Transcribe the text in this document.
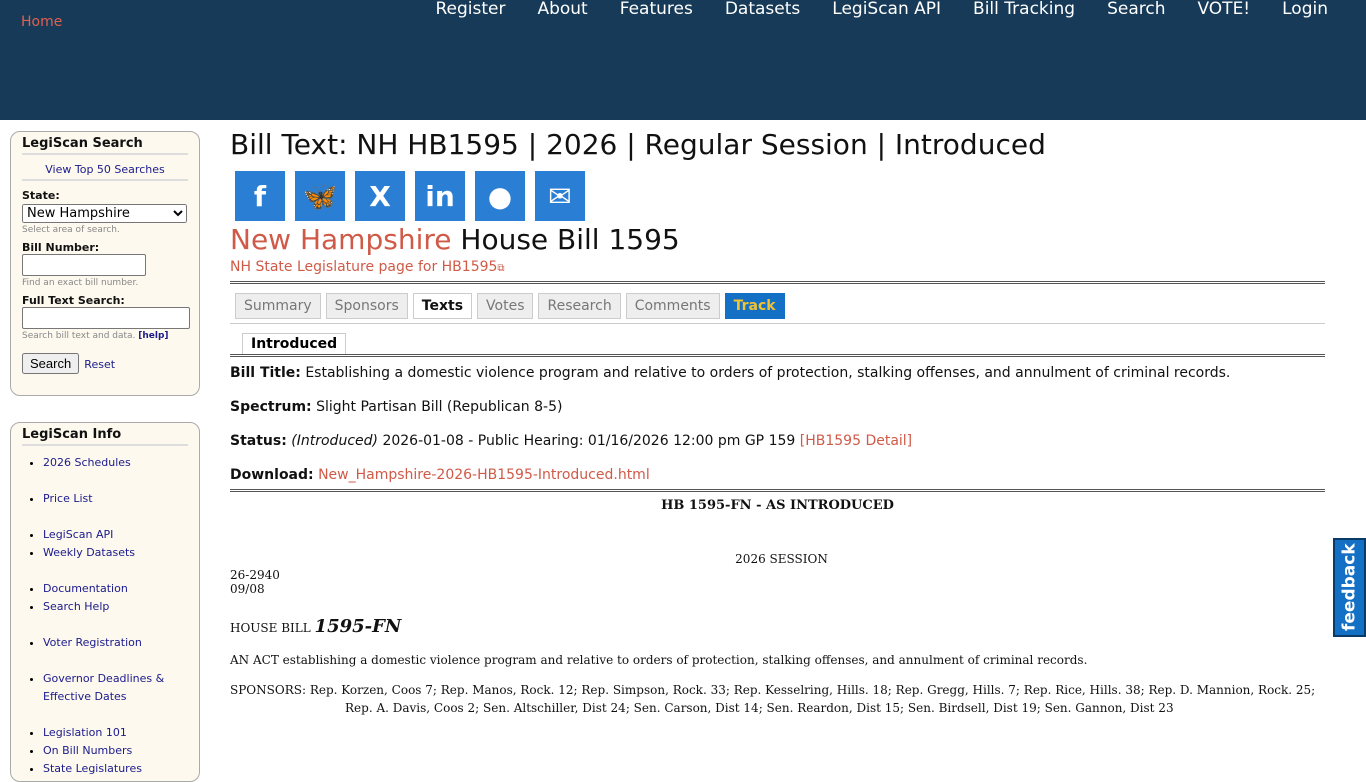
Home
Register	About	Features	Datasets	LegiScan API	Bill Tracking	Search	VOTE!	Login
LegiScan Search
View Top 50 Searches
State:
New Hampshire
Select area of search.
Bill Number:
Find an exact bill number.
Full Text Search:
Search bill text and data. [help]
Search Reset
LegiScan Info
• 2026 Schedules
• Price List
• LegiScan API
• Weekly Datasets
• Documentation
• Search Help
• Voter Registration
• Governor Deadlines & Effective Dates
• Legislation 101
• On Bill Numbers
• State Legislatures
Bill Text: NH HB1595 | 2026 | Regular Session | Introduced
f	🦋	X	in	●	✉
New Hampshire House Bill 1595
NH State Legislature page for HB1595⧉
Summary	Sponsors	Texts	Votes	Research	Comments	Track
Introduced
Bill Title: Establishing a domestic violence program and relative to orders of protection, stalking offenses, and annulment of criminal records.
Spectrum: Slight Partisan Bill (Republican 8-5)
Status: (Introduced) 2026-01-08 - Public Hearing: 01/16/2026 12:00 pm GP 159 [HB1595 Detail]
Download: New_Hampshire-2026-HB1595-Introduced.html
HB 1595-FN - AS INTRODUCED
2026 SESSION
26-2940
09/08
HOUSE BILL 1595-FN
AN ACT establishing a domestic violence program and relative to orders of protection, stalking offenses, and annulment of criminal records.
SPONSORS: Rep. Korzen, Coos 7; Rep. Manos, Rock. 12; Rep. Simpson, Rock. 33; Rep. Kesselring, Hills. 18; Rep. Gregg, Hills. 7; Rep. Rice, Hills. 38; Rep. D. Mannion, Rock. 25; Rep. A. Davis, Coos 2; Sen. Altschiller, Dist 24; Sen. Carson, Dist 14; Sen. Reardon, Dist 15; Sen. Birdsell, Dist 19; Sen. Gannon, Dist 23
feedback
